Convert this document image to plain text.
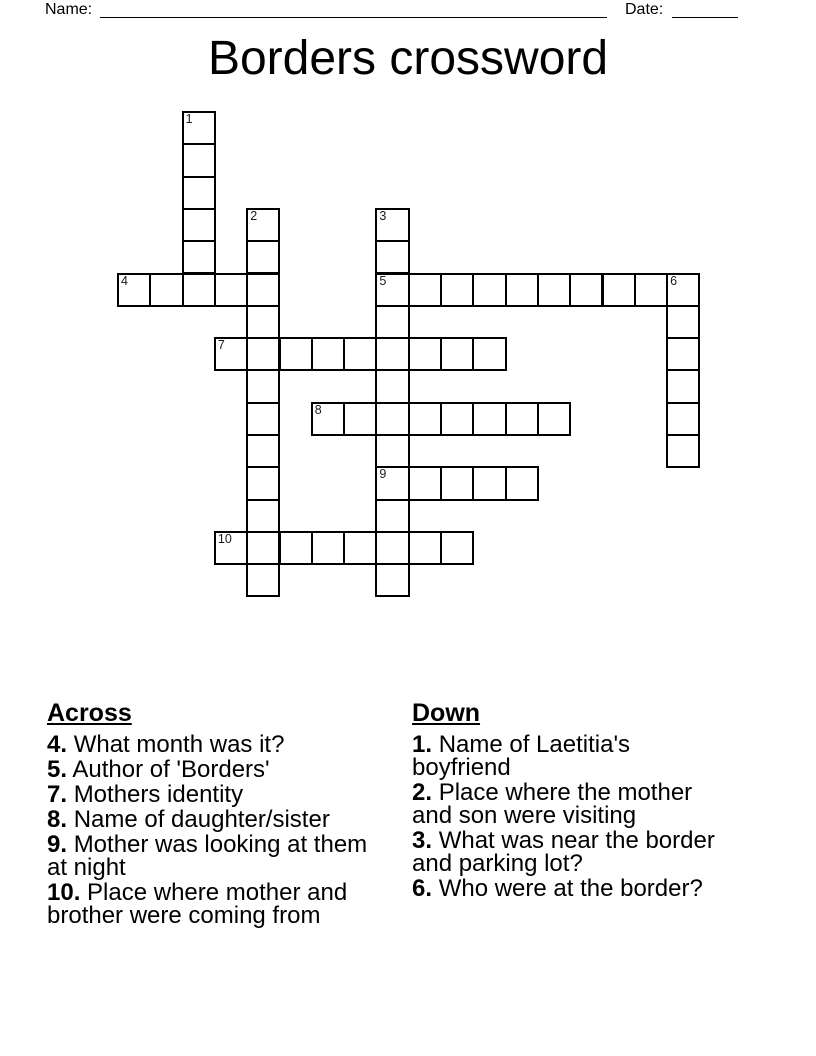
Name:	Date:
Borders crossword
1
2	3
5
9
4	6
7
8
10
Across
4. What month was it?
5. Author of 'Borders'
7. Mothers identity
8. Name of daughter/sister
9. Mother was looking at them at night
10. Place where mother and brother were coming from
Down
1. Name of Laetitia's boyfriend
2. Place where the mother and son were visiting
3. What was near the border and parking lot?
6. Who were at the border?
